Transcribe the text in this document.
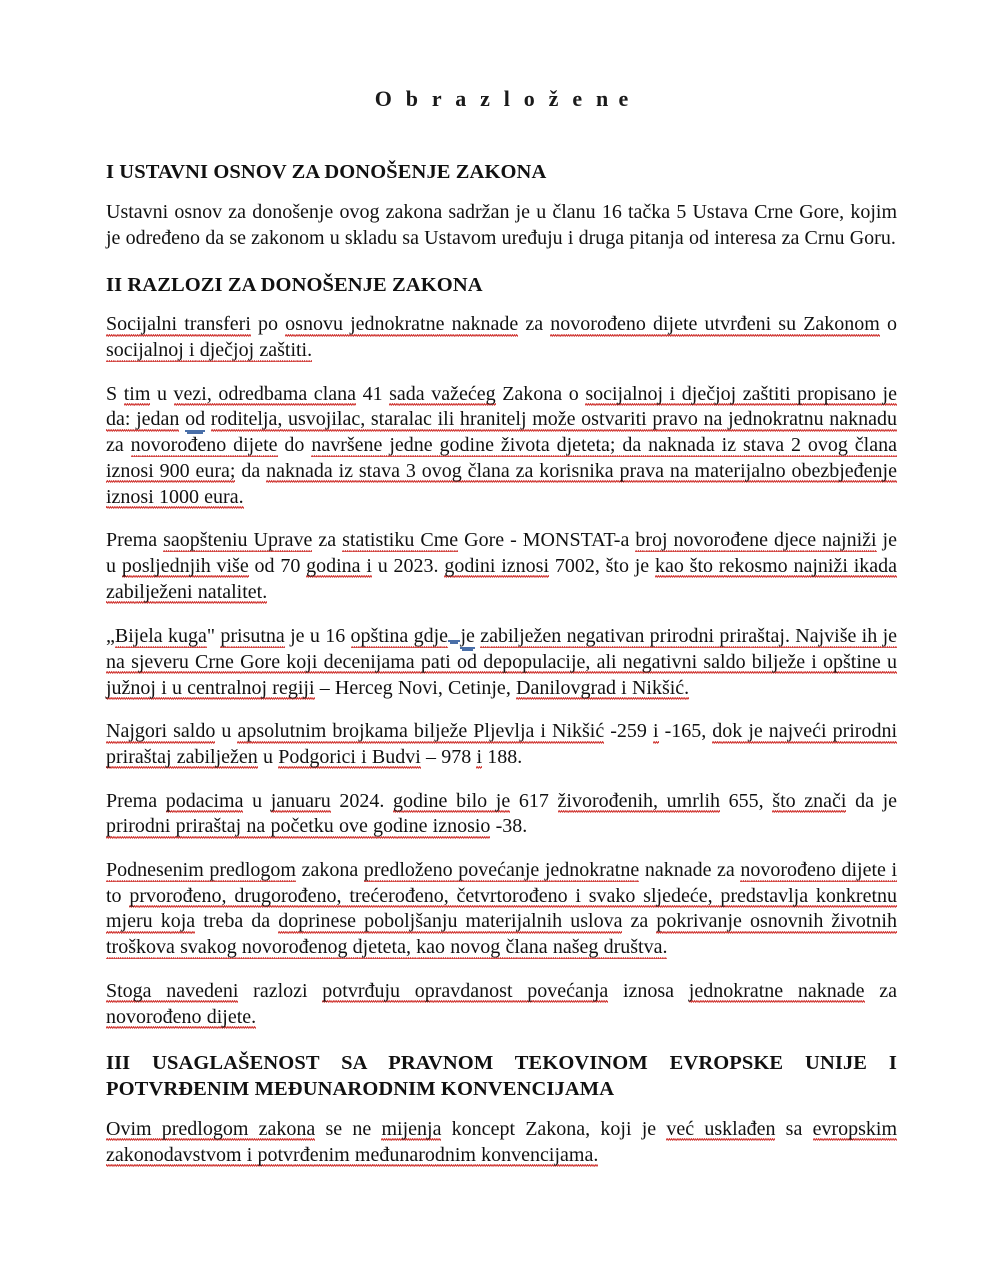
O b r a z l o ž e n e
I USTAVNI OSNOV ZA DONOŠENJE ZAKONA

Ustavni osnov za donošenje ovog zakona sadržan je u članu 16 tačka 5 Ustava Crne Gore, kojim je određeno da se zakonom u skladu sa Ustavom uređuju i druga pitanja od interesa za Crnu Goru.

II RAZLOZI ZA DONOŠENJE ZAKONA

Socijalni transferi po osnovu jednokratne naknade za novorođeno dijete utvrđeni su Zakonom o socijalnoj i dječjoj zaštiti.

S tim u vezi, odredbama clana 41 sada važećeg Zakona o socijalnoj i dječjoj zaštiti propisano je da: jedan od roditelja, usvojilac, staralac ili hranitelj može ostvariti pravo na jednokratnu naknadu za novorođeno dijete do navršene jedne godine života djeteta; da naknada iz stava 2 ovog člana iznosi 900 eura; da naknada iz stava 3 ovog člana za korisnika prava na materijalno obezbjeđenje iznosi 1000 eura.

Prema saopšteniu Uprave za statistiku Cme Gore - MONSTAT-a broj novorođene djece najniži je u posljednjih više od 70 godina i u 2023. godini iznosi 7002, što je kao što rekosmo najniži ikada zabilježeni natalitet.

„Bijela kuga" prisutna je u 16 opština gdje je zabilježen negativan prirodni priraštaj. Najviše ih je na sjeveru Crne Gore koji decenijama pati od depopulacije, ali negativni saldo bilježe i opštine u južnoj i u centralnoj regiji – Herceg Novi, Cetinje, Danilovgrad i Nikšić.

Najgori saldo u apsolutnim brojkama bilježe Pljevlja i Nikšić -259 i -165, dok je najveći prirodni priraštaj zabilježen u Podgorici i Budvi – 978 i 188.

Prema podacima u januaru 2024. godine bilo je 617 živorođenih, umrlih 655, što znači da je prirodni priraštaj na početku ove godine iznosio -38.

Podnesenim predlogom zakona predloženo povećanje jednokratne naknade za novorođeno dijete i to prvorođeno, drugorođeno, trećerođeno, četvrtorođeno i svako sljedeće, predstavlja konkretnu mjeru koja treba da doprinese poboljšanju materijalnih uslova za pokrivanje osnovnih životnih troškova svakog novorođenog djeteta, kao novog člana našeg društva.

Stoga navedeni razlozi potvrđuju opravdanost povećanja iznosa jednokratne naknade za novorođeno dijete.

III USAGLAŠENOST SA PRAVNOM TEKOVINOM EVROPSKE UNIJE I
POTVRĐENIM MEĐUNARODNIM KONVENCIJAMA

Ovim predlogom zakona se ne mijenja koncept Zakona, koji je već usklađen sa evropskim zakonodavstvom i potvrđenim međunarodnim konvencijama.
